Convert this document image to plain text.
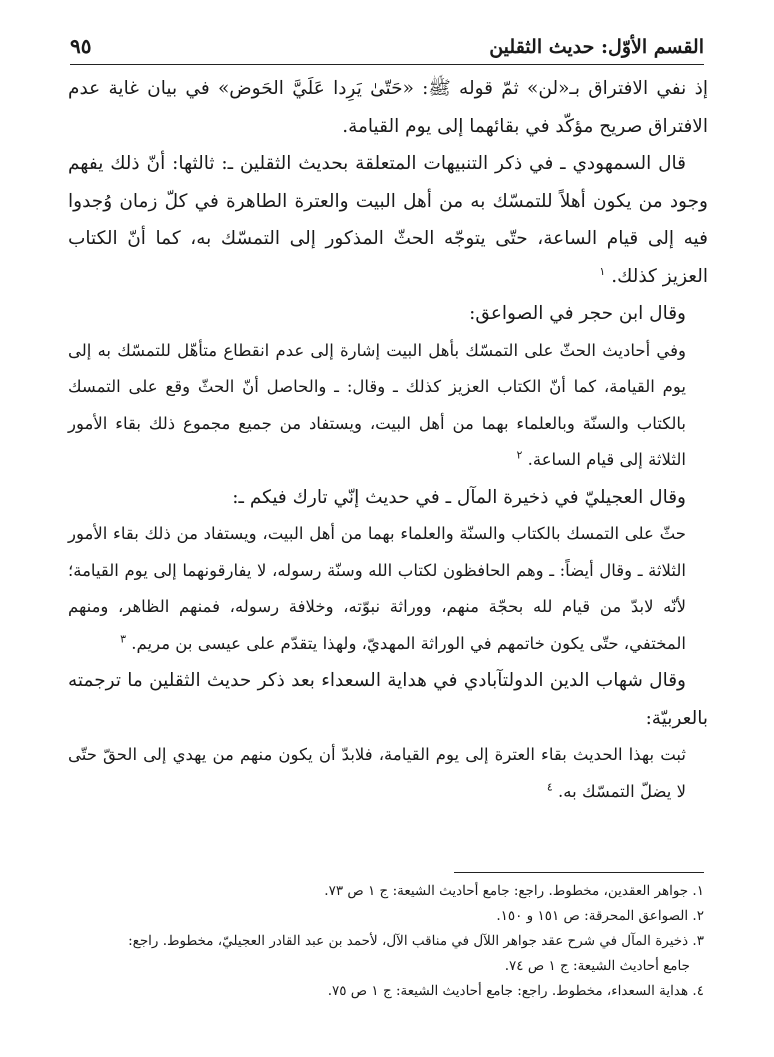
القسم الأوّل: حديث الثقلين
٩٥

إذ نفي الافتراق بـ«لن» ثمّ قوله ﷺ: «حَتّىٰ يَرِدا عَلَيَّ الحَوض» في بيان غاية عدم الافتراق صريح مؤكّد في بقائهما إلى يوم القيامة.

قال السمهودي ـ في ذكر التنبيهات المتعلقة بحديث الثقلين ـ: ثالثها: أنّ ذلك يفهم وجود من يكون أهلاً للتمسّك به من أهل البيت والعترة الطاهرة في كلّ زمان وُجدوا فيه إلى قيام الساعة، حتّى يتوجّه الحثّ المذكور إلى التمسّك به، كما أنّ الكتاب العزيز كذلك. $^١$

وقال ابن حجر في الصواعق:

وفي أحاديث الحثّ على التمسّك بأهل البيت إشارة إلى عدم انقطاع متأهّل للتمسّك به إلى يوم القيامة، كما أنّ الكتاب العزيز كذلك ـ وقال: ـ والحاصل أنّ الحثّ وقع على التمسك بالكتاب والسنّة وبالعلماء بهما من أهل البيت، ويستفاد من جميع مجموع ذلك بقاء الأمور الثلاثة إلى قيام الساعة. $^٢$

وقال العجيليّ في ذخيرة المآل ـ في حديث إنّي تارك فيكم ـ:

حثّ على التمسك بالكتاب والسنّة والعلماء بهما من أهل البيت، ويستفاد من ذلك بقاء الأمور الثلاثة ـ وقال أيضاً: ـ وهم الحافظون لكتاب الله وسنّة رسوله، لا يفارقونهما إلى يوم القيامة؛ لأنّه لابدّ من قيام لله بحجّة منهم، ووراثة نبوّته، وخلافة رسوله، فمنهم الظاهر، ومنهم المختفي، حتّى يكون خاتمهم في الوراثة المهديّ، ولهذا يتقدّم على عيسى بن مريم. $^٣$

وقال شهاب الدين الدولتآبادي في هداية السعداء بعد ذكر حديث الثقلين ما ترجمته بالعربيّة:

ثبت بهذا الحديث بقاء العترة إلى يوم القيامة، فلابدّ أن يكون منهم من يهدي إلى الحقّ حتّى لا يضلّ التمسّك به. $^٤$

١. جواهر العقدين، مخطوط. راجع: جامع أحاديث الشيعة: ج ١ ص ٧٣.

٢. الصواعق المحرقة: ص ١٥١ و ١٥٠.

٣. ذخيرة المآل في شرح عقد جواهر اللآل في مناقب الآل، لأحمد بن عبد القادر العجيليّ، مخطوط. راجع:

جامع أحاديث الشيعة: ج ١ ص ٧٤.

٤. هداية السعداء، مخطوط. راجع: جامع أحاديث الشيعة: ج ١ ص ٧٥.
